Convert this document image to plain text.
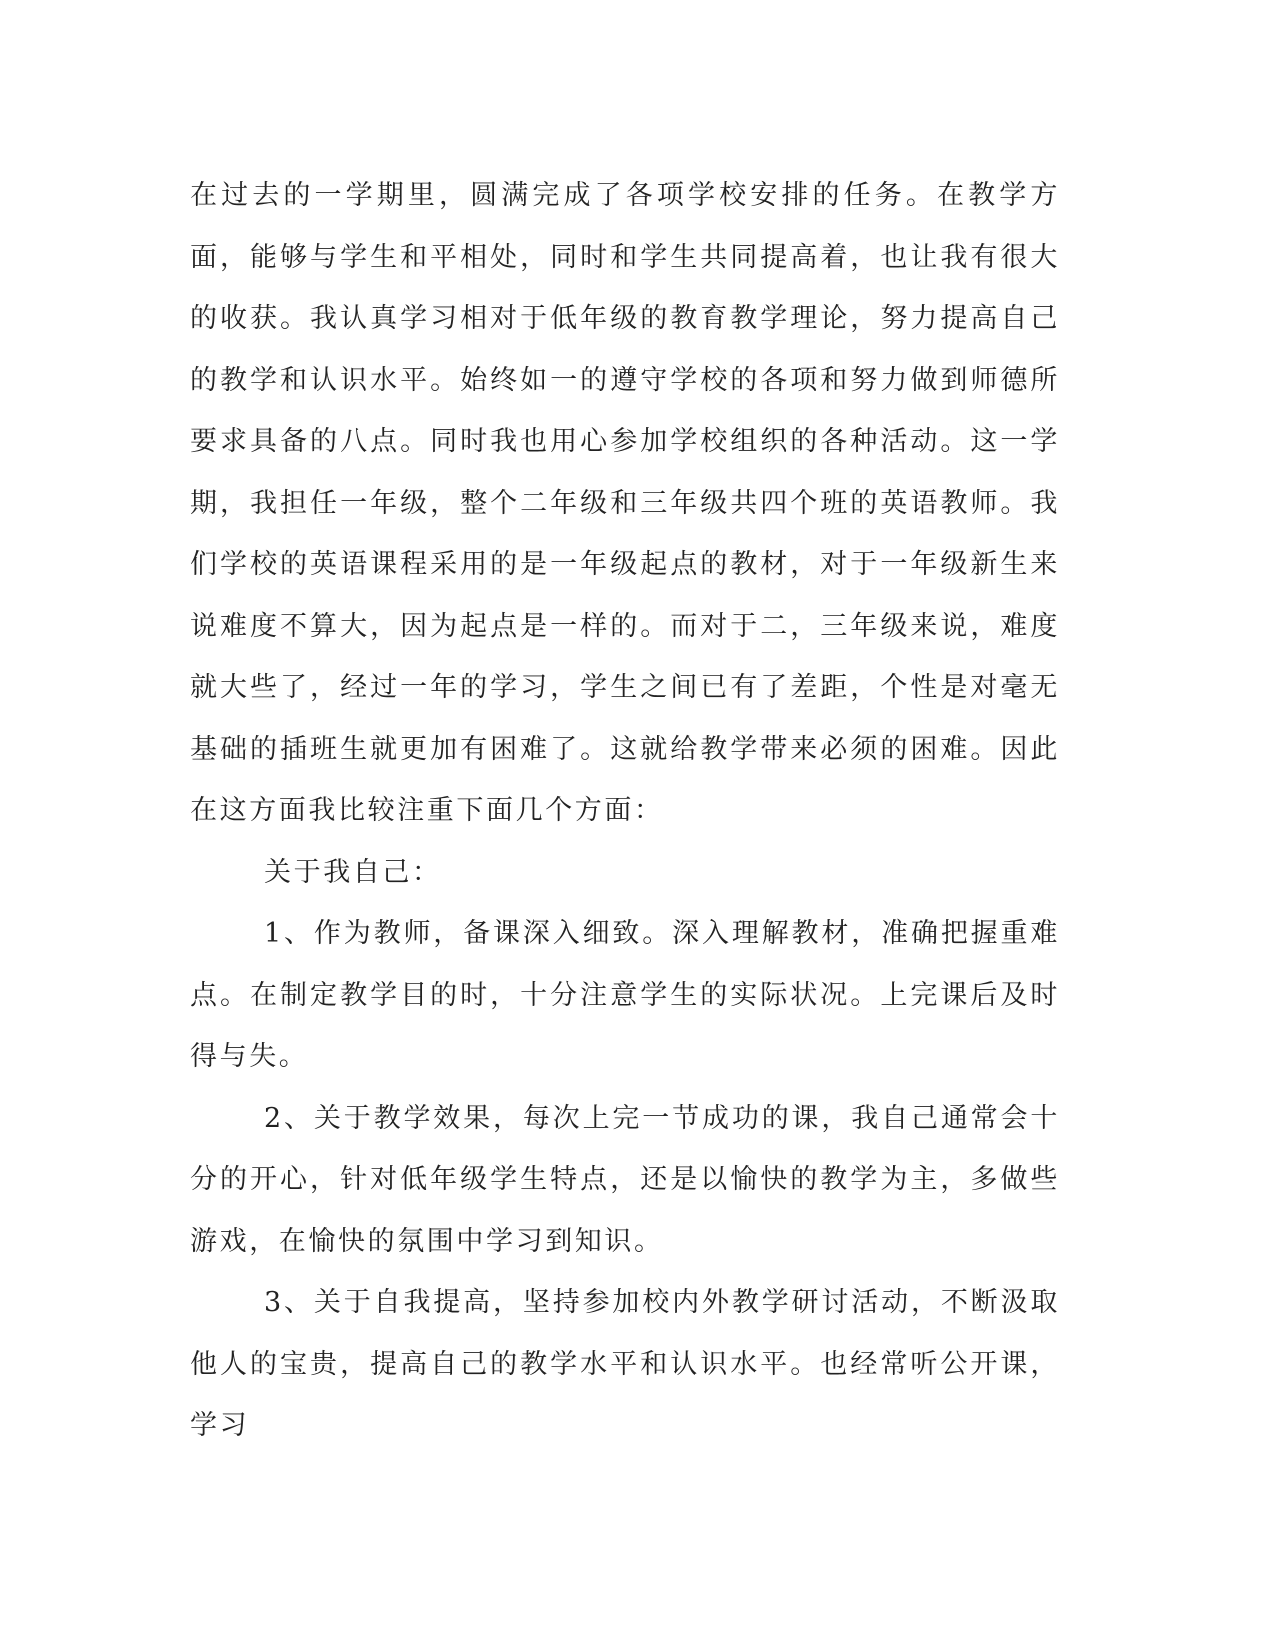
在过去的一学期里，圆满完成了各项学校安排的任务。在教学方面，能够与学生和平相处，同时和学生共同提高着，也让我有很大的收获。我认真学习相对于低年级的教育教学理论，努力提高自己的教学和认识水平。始终如一的遵守学校的各项和努力做到师德所要求具备的八点。同时我也用心参加学校组织的各种活动。这一学期，我担任一年级，整个二年级和三年级共四个班的英语教师。我们学校的英语课程采用的是一年级起点的教材，对于一年级新生来说难度不算大，因为起点是一样的。而对于二，三年级来说，难度就大些了，经过一年的学习，学生之间已有了差距，个性是对毫无基础的插班生就更加有困难了。这就给教学带来必须的困难。因此在这方面我比较注重下面几个方面：

关于我自己：

1、作为教师，备课深入细致。深入理解教材，准确把握重难点。在制定教学目的时，十分注意学生的实际状况。上完课后及时得与失。

2、关于教学效果，每次上完一节成功的课，我自己通常会十分的开心，针对低年级学生特点，还是以愉快的教学为主，多做些游戏，在愉快的氛围中学习到知识。

3、关于自我提高，坚持参加校内外教学研讨活动，不断汲取他人的宝贵，提高自己的教学水平和认识水平。也经常听公开课，学习
